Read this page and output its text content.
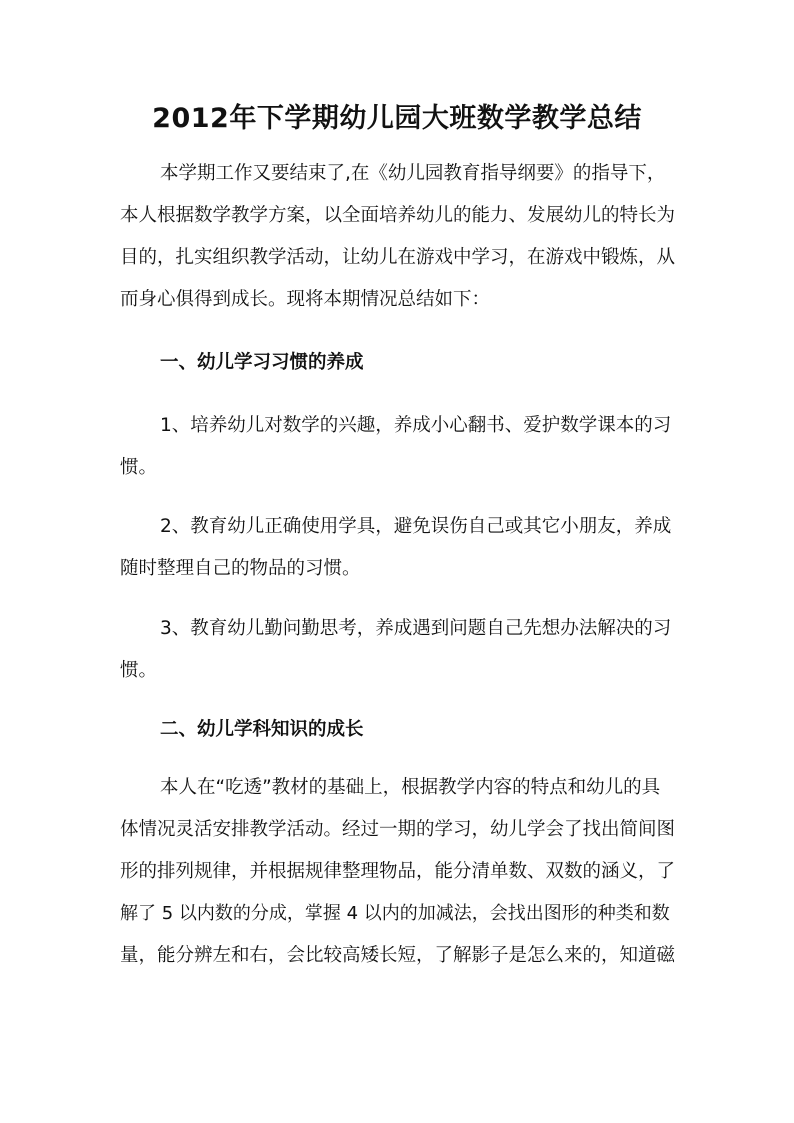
2012年下学期幼儿园大班数学教学总结
本学期工作又要结束了,在《幼儿园教育指导纲要》的指导下，
本人根据数学教学方案，以全面培养幼儿的能力、发展幼儿的特长为
目的，扎实组织教学活动，让幼儿在游戏中学习，在游戏中锻炼，从
而身心俱得到成长。现将本期情况总结如下：
一、幼儿学习习惯的养成
1、培养幼儿对数学的兴趣，养成小心翻书、爱护数学课本的习
惯。
2、教育幼儿正确使用学具，避免误伤自己或其它小朋友，养成
随时整理自己的物品的习惯。
3、教育幼儿勤问勤思考，养成遇到问题自己先想办法解决的习
惯。
二、幼儿学科知识的成长
本人在“吃透”教材的基础上，根据教学内容的特点和幼儿的具
体情况灵活安排教学活动。经过一期的学习，幼儿学会了找出简间图
形的排列规律，并根据规律整理物品，能分清单数、双数的涵义，了
解了 5 以内数的分成，掌握 4 以内的加减法，会找出图形的种类和数
量，能分辨左和右，会比较高矮长短，了解影子是怎么来的，知道磁
